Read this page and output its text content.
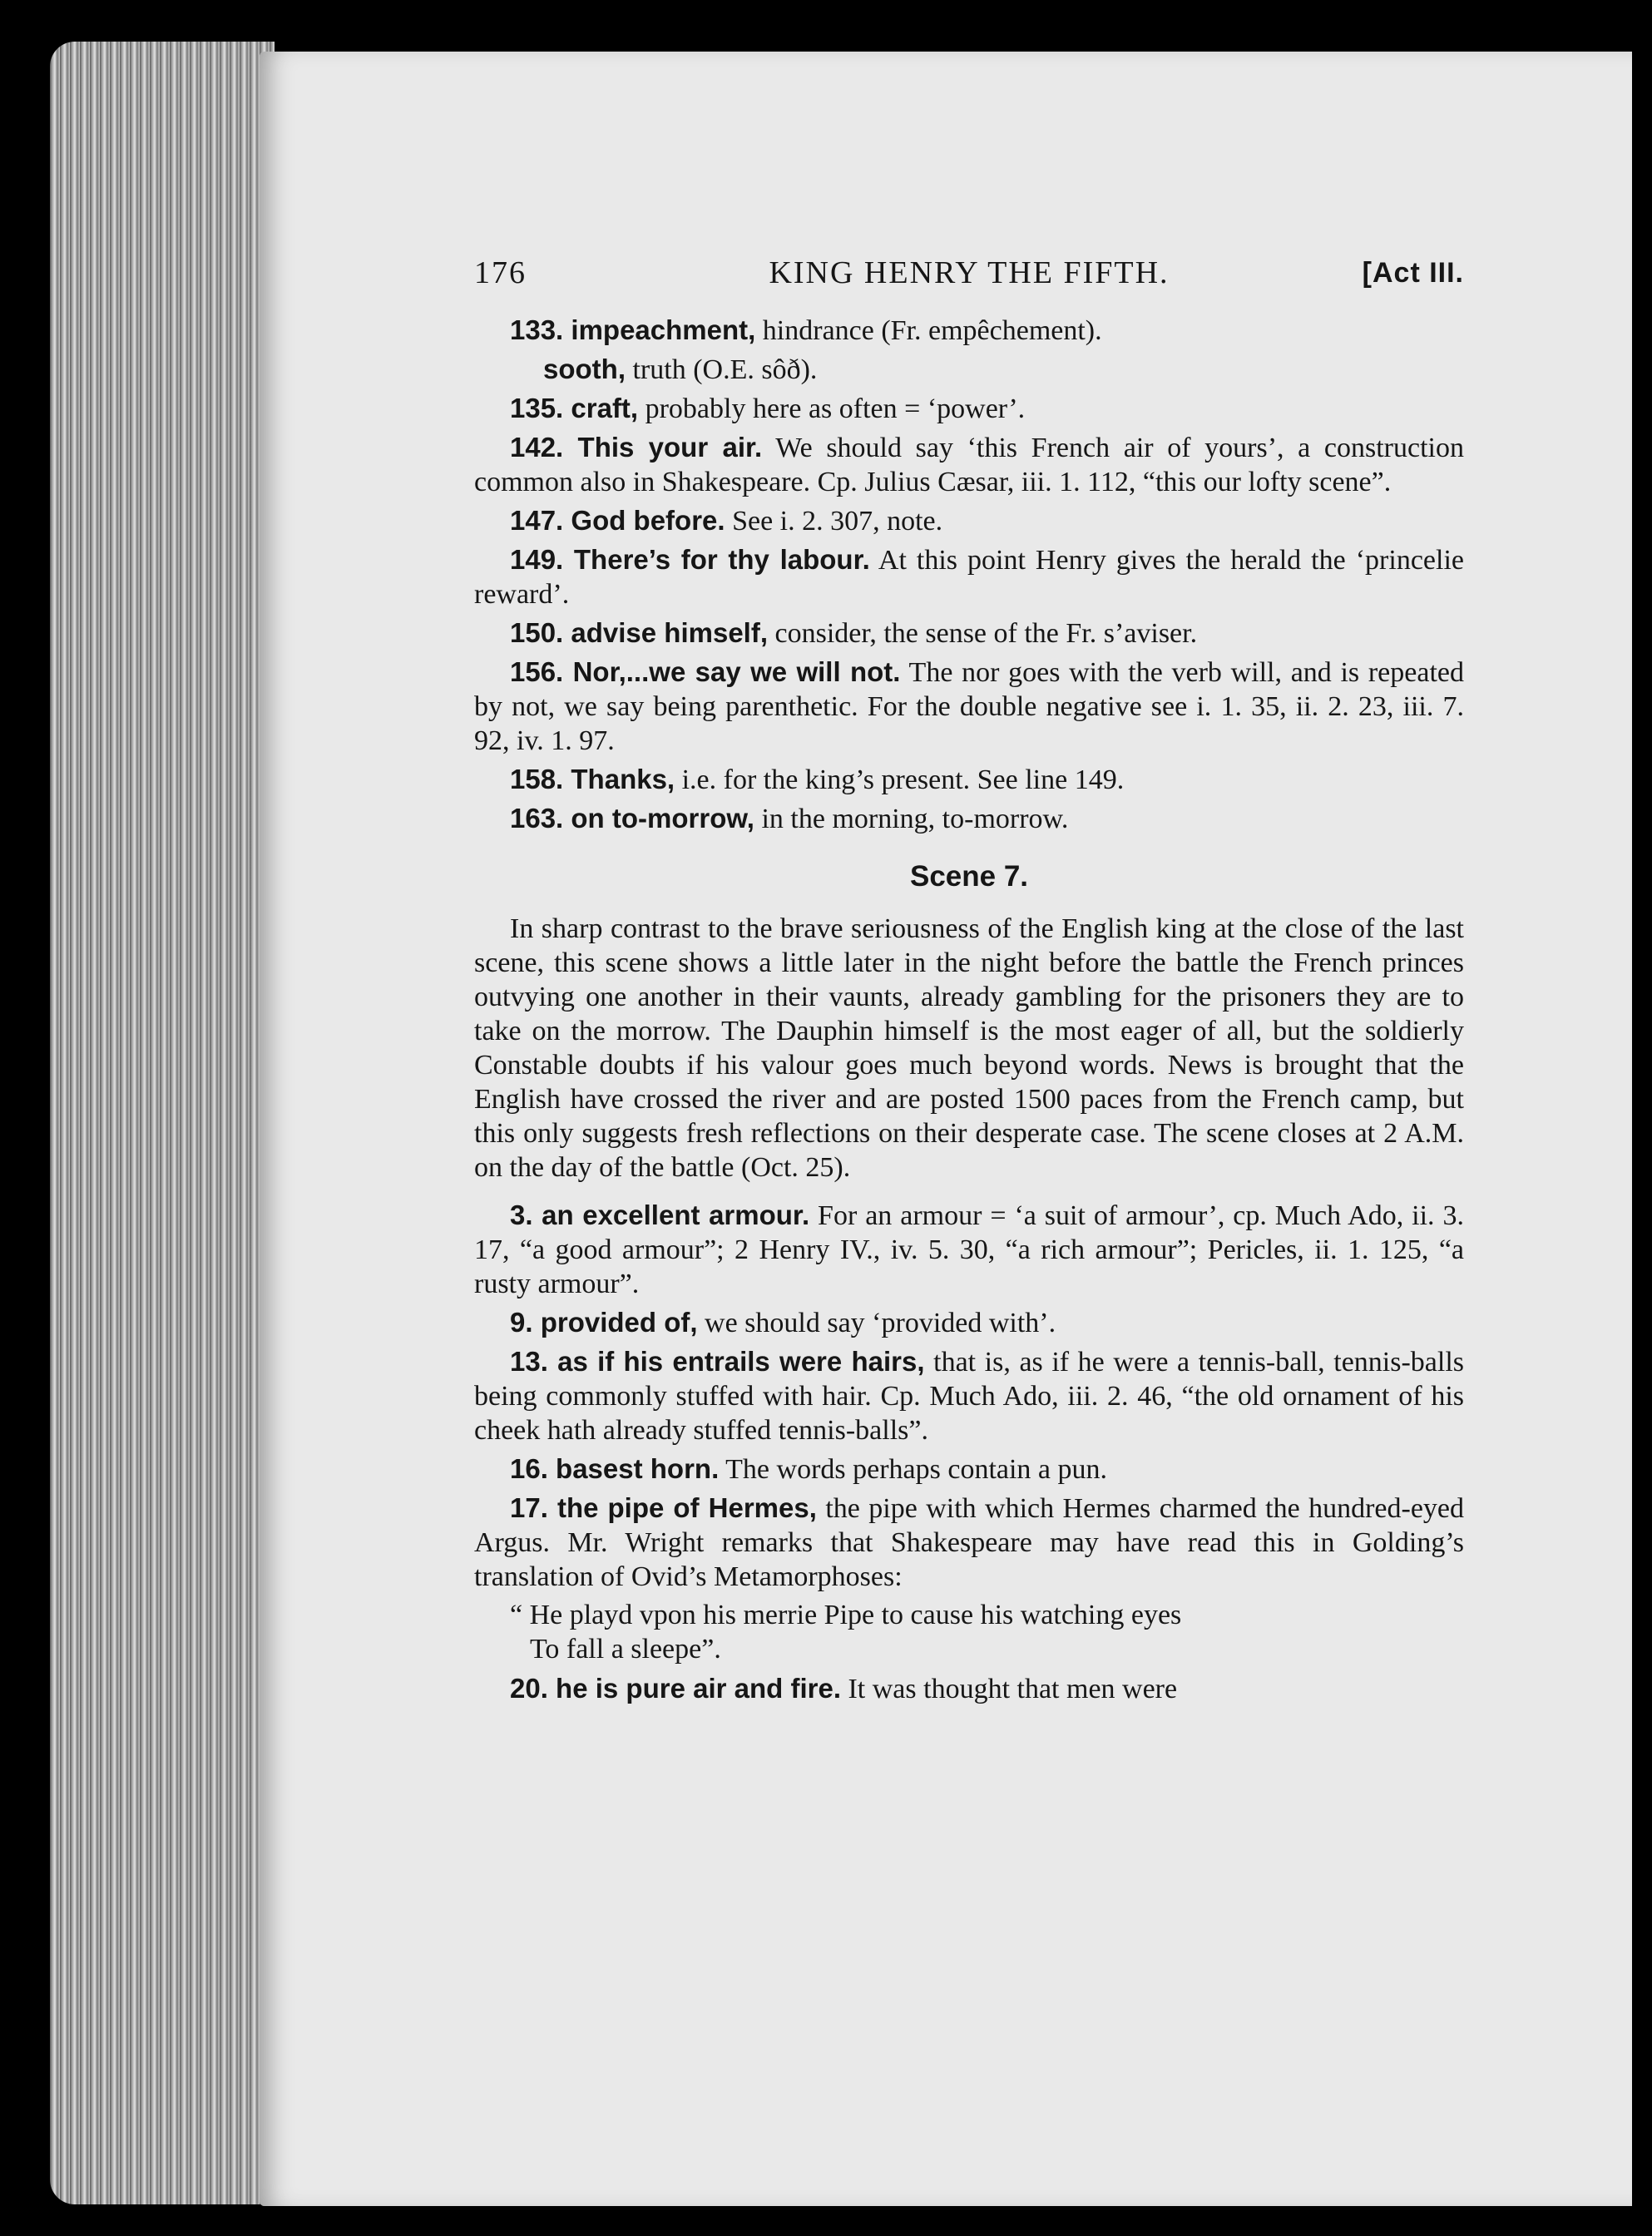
176	KING HENRY THE FIFTH.	[Act III.
133. impeachment, hindrance (Fr. empêchement).
sooth, truth (O.E. sôð).
135. craft, probably here as often = ‘power’.
142. This your air. We should say ‘this French air of yours’, a construction common also in Shakespeare. Cp. Julius Cæsar, iii. 1. 112, “this our lofty scene”.
147. God before. See i. 2. 307, note.
149. There’s for thy labour. At this point Henry gives the herald the ‘princelie reward’.
150. advise himself, consider, the sense of the Fr. s’aviser.
156. Nor,...we say we will not. The nor goes with the verb will, and is repeated by not, we say being parenthetic. For the double negative see i. 1. 35, ii. 2. 23, iii. 7. 92, iv. 1. 97.
158. Thanks, i.e. for the king’s present. See line 149.
163. on to-morrow, in the morning, to-morrow.
Scene 7.
In sharp contrast to the brave seriousness of the English king at the close of the last scene, this scene shows a little later in the night before the battle the French princes outvying one another in their vaunts, already gambling for the prisoners they are to take on the morrow. The Dauphin himself is the most eager of all, but the soldierly Constable doubts if his valour goes much beyond words. News is brought that the English have crossed the river and are posted 1500 paces from the French camp, but this only suggests fresh reflections on their desperate case. The scene closes at 2 A.M. on the day of the battle (Oct. 25).
3. an excellent armour. For an armour = ‘a suit of armour’, cp. Much Ado, ii. 3. 17, “a good armour”; 2 Henry IV., iv. 5. 30, “a rich armour”; Pericles, ii. 1. 125, “a rusty armour”.
9. provided of, we should say ‘provided with’.
13. as if his entrails were hairs, that is, as if he were a tennis-ball, tennis-balls being commonly stuffed with hair. Cp. Much Ado, iii. 2. 46, “the old ornament of his cheek hath already stuffed tennis-balls”.
16. basest horn. The words perhaps contain a pun.
17. the pipe of Hermes, the pipe with which Hermes charmed the hundred-eyed Argus. Mr. Wright remarks that Shakespeare may have read this in Golding’s translation of Ovid’s Metamorphoses:
“ He playd vpon his merrie Pipe to cause his watching eyes
To fall a sleepe”.
20. he is pure air and fire. It was thought that men were
